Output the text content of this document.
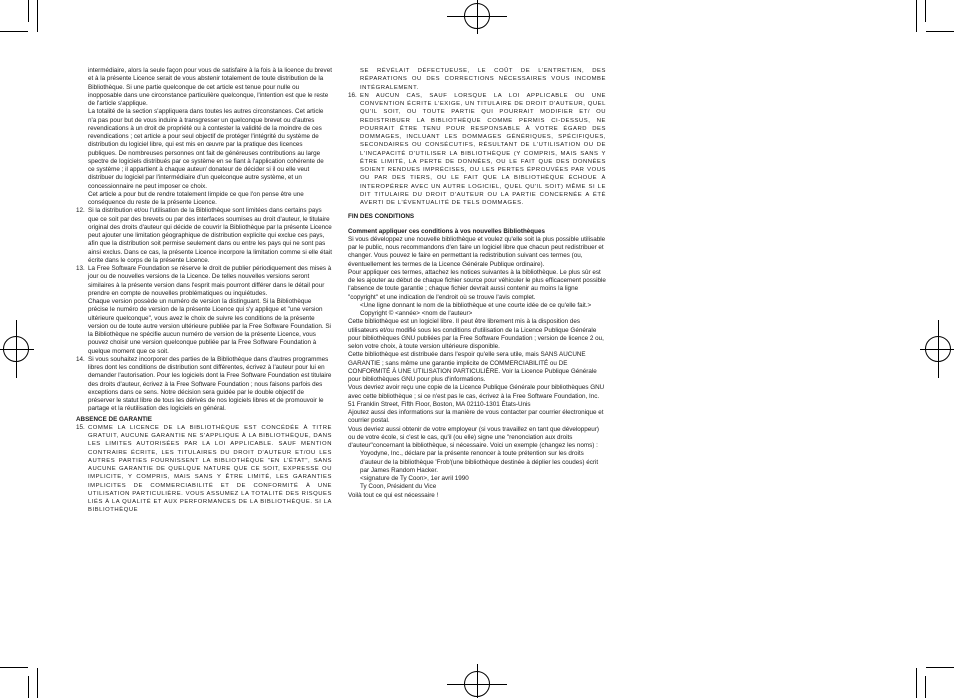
intermédiaire, alors la seule façon pour vous de satisfaire à la fois à la licence du brevet et à la présente Licence serait de vous abstenir totalement de toute distribution de la Bibliothèque. Si une partie quelconque de cet article est tenue pour nulle ou inopposable dans une circonstance particulière quelconque, l'intention est que le reste de l'article s'applique.

La totalité de la section s'appliquera dans toutes les autres circonstances. Cet article n'a pas pour but de vous induire à transgresser un quelconque brevet ou d'autres revendications à un droit de propriété ou à contester la validité de la moindre de ces revendications ; cet article a pour seul objectif de protéger l'intégrité du système de distribution du logiciel libre, qui est mis en œuvre par la pratique des licences publiques. De nombreuses personnes ont fait de généreuses contributions au large spectre de logiciels distribués par ce système en se fiant à l'application cohérente de ce système ; il appartient à chaque auteur/ donateur de décider si il ou elle veut distribuer du logiciel par l'intermédiaire d'un quelconque autre système, et un concessionnaire ne peut imposer ce choix.

Cet article a pour but de rendre totalement limpide ce que l'on pense être une conséquence du reste de la présente Licence.

12. Si la distribution et/ou l'utilisation de la Bibliothèque sont limitées dans certains pays que ce soit par des brevets ou par des interfaces soumises au droit d'auteur, le titulaire original des droits d'auteur qui décide de couvrir la Bibliothèque par la présente Licence peut ajouter une limitation géographique de distribution explicite qui exclue ces pays, afin que la distribution soit permise seulement dans ou entre les pays qui ne sont pas ainsi exclus. Dans ce cas, la présente Licence incorpore la limitation comme si elle était écrite dans le corps de la présente Licence.

13. La Free Software Foundation se réserve le droit de publier périodiquement des mises à jour ou de nouvelles versions de la Licence. De telles nouvelles versions seront similaires à la présente version dans l'esprit mais pourront différer dans le détail pour prendre en compte de nouvelles problématiques ou inquiétudes.

Chaque version possède un numéro de version la distinguant. Si la Bibliothèque précise le numéro de version de la présente Licence qui s'y applique et "une version ultérieure quelconque", vous avez le choix de suivre les conditions de la présente version ou de toute autre version ultérieure publiée par la Free Software Foundation. Si la Bibliothèque ne spécifie aucun numéro de version de la présente Licence, vous pouvez choisir une version quelconque publiée par la Free Software Foundation à quelque moment que ce soit.

14. Si vous souhaitez incorporer des parties de la Bibliothèque dans d'autres programmes libres dont les conditions de distribution sont différentes, écrivez à l'auteur pour lui en demander l'autorisation. Pour les logiciels dont la Free Software Foundation est titulaire des droits d'auteur, écrivez à la Free Software Foundation ; nous faisons parfois des exceptions dans ce sens. Notre décision sera guidée par le double objectif de préserver le statut libre de tous les dérivés de nos logiciels libres et de promouvoir le partage et la réutilisation des logiciels en général.

ABSENCE DE GARANTIE

15. COMME LA LICENCE DE LA BIBLIOTHÈQUE EST CONCÉDÉE À TITRE GRATUIT, AUCUNE GARANTIE NE S'APPLIQUE À LA BIBLIOTHÈQUE, DANS LES LIMITES AUTORISÉES PAR LA LOI APPLICABLE. SAUF MENTION CONTRAIRE ÉCRITE, LES TITULAIRES DU DROIT D'AUTEUR ET/OU LES AUTRES PARTIES FOURNISSENT LA BIBLIOTHÈQUE "EN L'ÉTAT", SANS AUCUNE GARANTIE DE QUELQUE NATURE QUE CE SOIT, EXPRESSE OU IMPLICITE, Y COMPRIS, MAIS SANS Y ÊTRE LIMITÉ, LES GARANTIES IMPLICITES DE COMMERCIABILITÉ ET DE CONFORMITÉ À UNE UTILISATION PARTICULIÈRE. VOUS ASSUMEZ LA TOTALITÉ DES RISQUES LIÉS À LA QUALITÉ ET AUX PERFORMANCES DE LA BIBLIOTHÈQUE. SI LA BIBLIOTHÈQUE

SE RÉVÉLAIT DÉFECTUEUSE, LE COÛT DE L'ENTRETIEN, DES RÉPARATIONS OU DES CORRECTIONS NÉCESSAIRES VOUS INCOMBE INTÉGRALEMENT.

16. EN AUCUN CAS, SAUF LORSQUE LA LOI APPLICABLE OU UNE CONVENTION ÉCRITE L'EXIGE, UN TITULAIRE DE DROIT D'AUTEUR, QUEL QU'IL SOIT, OU TOUTE PARTIE QUI POURRAIT MODIFIER ET/ OU REDISTRIBUER LA BIBLIOTHÈQUE COMME PERMIS CI-DESSUS, NE POURRAIT ÊTRE TENU POUR RESPONSABLE À VOTRE ÉGARD DES DOMMAGES, INCLUANT LES DOMMAGES GÉNÉRIQUES, SPÉCIFIQUES, SECONDAIRES OU CONSÉCUTIFS, RÉSULTANT DE L'UTILISATION OU DE L'INCAPACITÉ D'UTILISER LA BIBLIOTHÈQUE (Y COMPRIS, MAIS SANS Y ÊTRE LIMITÉ, LA PERTE DE DONNÉES, OU LE FAIT QUE DES DONNÉES SOIENT RENDUES IMPRÉCISES, OU LES PERTES ÉPROUVÉES PAR VOUS OU PAR DES TIERS, OU LE FAIT QUE LA BIBLIOTHÈQUE ÉCHOUE À INTEROPÉRER AVEC UN AUTRE LOGICIEL, QUEL QU'IL SOIT) MÊME SI LE DIT TITULAIRE DU DROIT D'AUTEUR OU LA PARTIE CONCERNÉE A ÉTÉ AVERTI DE L'ÉVENTUALITÉ DE TELS DOMMAGES.

FIN DES CONDITIONS

Comment appliquer ces conditions à vos nouvelles Bibliothèques

Si vous développez une nouvelle bibliothèque et voulez qu'elle soit la plus possible utilisable par le public, nous recommandons d'en faire un logiciel libre que chacun peut redistribuer et changer. Vous pouvez le faire en permettant la redistribution suivant ces termes (ou, éventuellement les termes de la Licence Générale Publique ordinaire).

Pour appliquer ces termes, attachez les notices suivantes à la bibliothèque. Le plus sûr est de les ajouter au début de chaque fichier source pour véhiculer le plus efficacement possible l'absence de toute garantie ; chaque fichier devrait aussi contenir au moins la ligne "copyright" et une indication de l'endroit où se trouve l'avis complet.

<Une ligne donnant le nom de la bibliothèque et une courte idée de ce qu'elle fait.>

Copyright © <année> <nom de l'auteur>

Cette bibliothèque est un logiciel libre. Il peut être librement mis à la disposition des utilisateurs et/ou modifié sous les conditions d'utilisation de la Licence Publique Générale pour bibliothèques GNU publiées par la Free Software Foundation ; version de licence 2 ou, selon votre choix, à toute version ultérieure disponible.

Cette bibliothèque est distribuée dans l'espoir qu'elle sera utile, mais SANS AUCUNE GARANTIE ; sans même une garantie implicite de COMMERCIABILITÉ ou DE CONFORMITÉ À UNE UTILISATION PARTICULIÈRE. Voir la Licence Publique Générale pour bibliothèques GNU pour plus d'informations.

Vous devriez avoir reçu une copie de la Licence Publique Générale pour bibliothèques GNU avec cette bibliothèque ; si ce n'est pas le cas, écrivez à la Free Software Foundation, Inc. 51 Franklin Street, Fifth Floor, Boston, MA 02110-1301 États-Unis

Ajoutez aussi des informations sur la manière de vous contacter par courrier électronique et courrier postal.

Vous devriez aussi obtenir de votre employeur (si vous travaillez en tant que développeur) ou de votre école, si c'est le cas, qu'il (ou elle) signe une "renonciation aux droits d'auteur"concernant la bibliothèque, si nécessaire. Voici un exemple (changez les noms) :

Yoyodyne, Inc., déclare par la présente renoncer à toute prétention sur les droits d'auteur de la bibliothèque 'Frob'(une bibliothèque destinée à déplier les coudes) écrit par James Random Hacker.

<signature de Ty Coon>, 1er avril 1990

Ty Coon, Président du Vice

Voilà tout ce qui est nécessaire !
